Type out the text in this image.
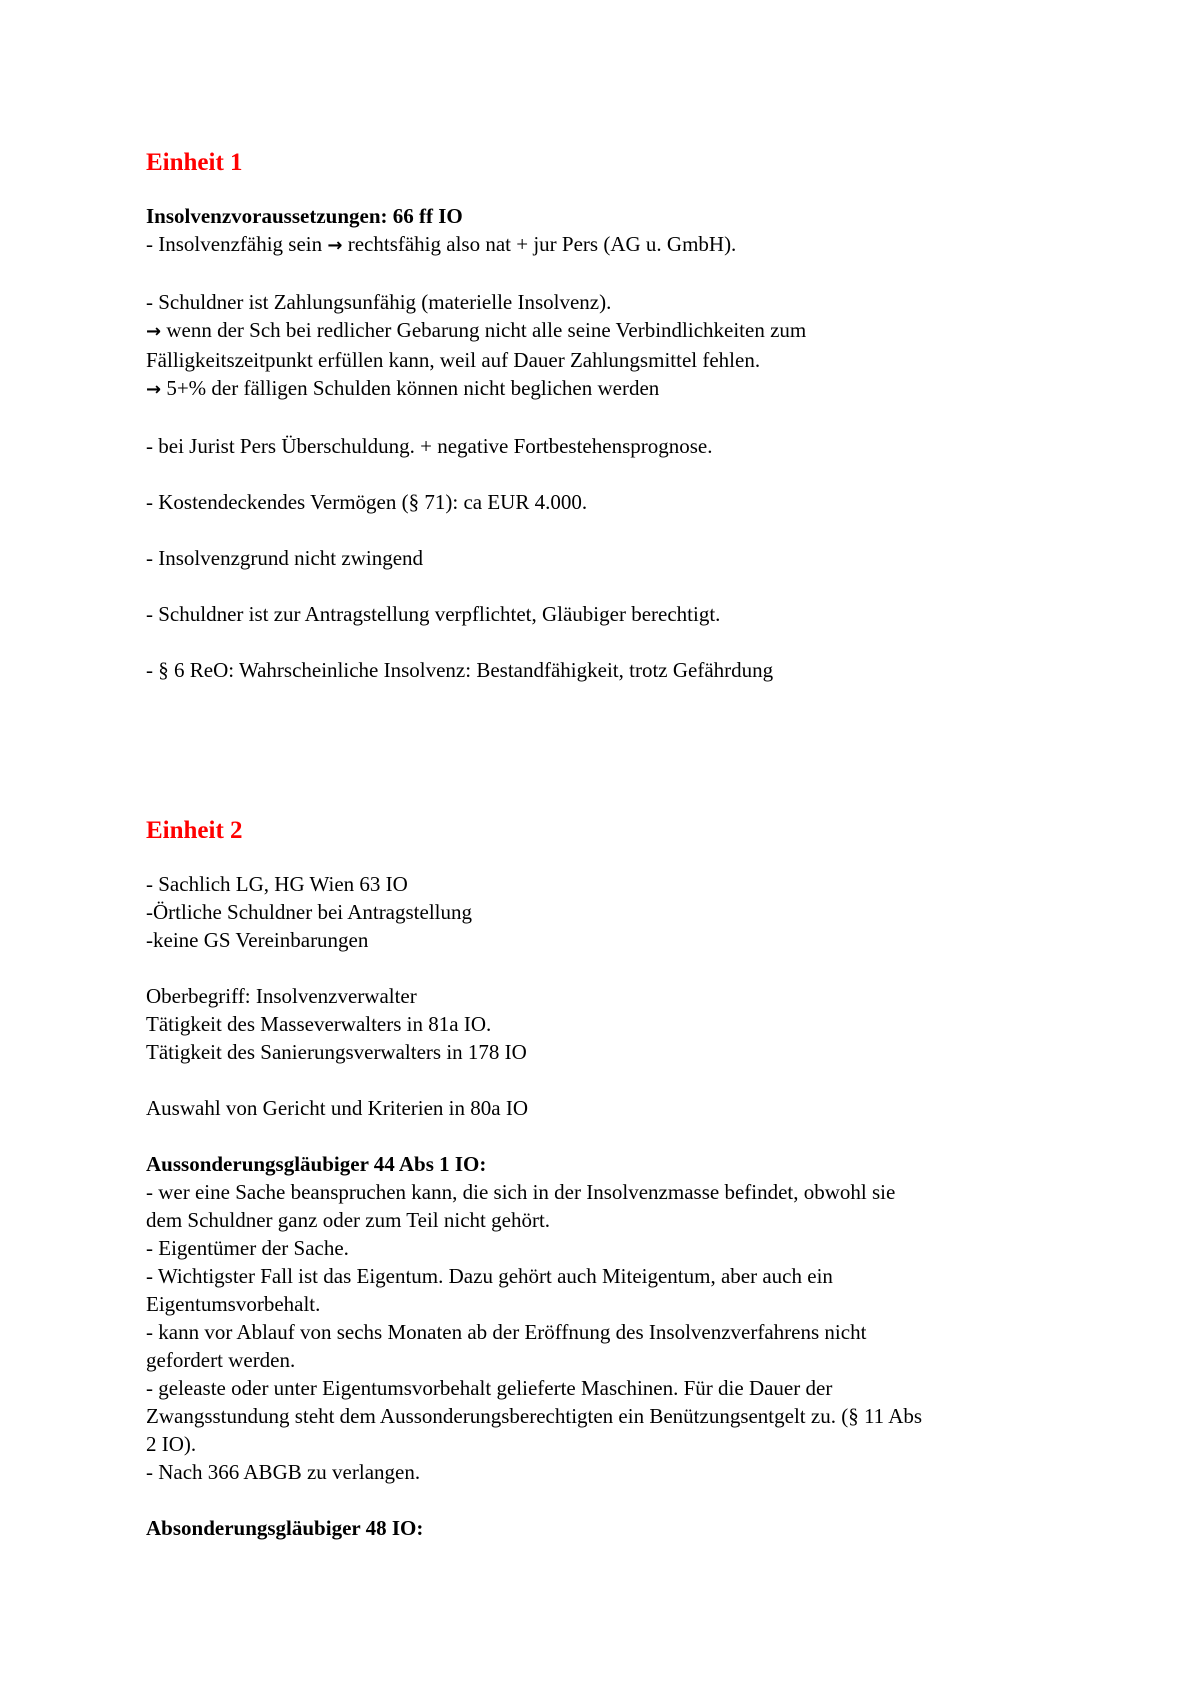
Einheit 1
Insolvenzvoraussetzungen: 66 ff IO
- Insolvenzfähig sein → rechtsfähig also nat + jur Pers (AG u. GmbH).
- Schuldner ist Zahlungsunfähig (materielle Insolvenz).
→ wenn der Sch bei redlicher Gebarung nicht alle seine Verbindlichkeiten zum
Fälligkeitszeitpunkt erfüllen kann, weil auf Dauer Zahlungsmittel fehlen.
→ 5+% der fälligen Schulden können nicht beglichen werden
- bei Jurist Pers Überschuldung. + negative Fortbestehensprognose.
- Kostendeckendes Vermögen (§ 71): ca EUR 4.000.
- Insolvenzgrund nicht zwingend
- Schuldner ist zur Antragstellung verpflichtet, Gläubiger berechtigt.
- § 6 ReO: Wahrscheinliche Insolvenz: Bestandfähigkeit, trotz Gefährdung
Einheit 2
- Sachlich LG, HG Wien 63 IO
-Örtliche Schuldner bei Antragstellung
-keine GS Vereinbarungen
Oberbegriff: Insolvenzverwalter
Tätigkeit des Masseverwalters in 81a IO.
Tätigkeit des Sanierungsverwalters in 178 IO
Auswahl von Gericht und Kriterien in 80a IO
Aussonderungsgläubiger 44 Abs 1 IO:
- wer eine Sache beanspruchen kann, die sich in der Insolvenzmasse befindet, obwohl sie
dem Schuldner ganz oder zum Teil nicht gehört.
- Eigentümer der Sache.
- Wichtigster Fall ist das Eigentum. Dazu gehört auch Miteigentum, aber auch ein
Eigentumsvorbehalt.
- kann vor Ablauf von sechs Monaten ab der Eröffnung des Insolvenzverfahrens nicht
gefordert werden.
- geleaste oder unter Eigentumsvorbehalt gelieferte Maschinen. Für die Dauer der
Zwangsstundung steht dem Aussonderungsberechtigten ein Benützungsentgelt zu. (§ 11 Abs
2 IO).
- Nach 366 ABGB zu verlangen.
Absonderungsgläubiger 48 IO:
